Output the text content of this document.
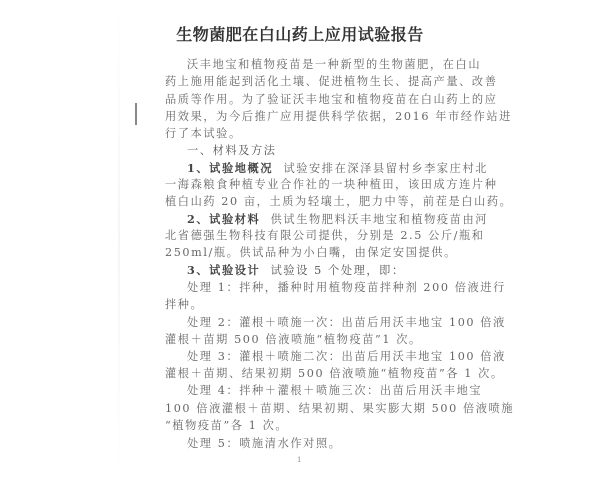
生物菌肥在白山药上应用试验报告
沃丰地宝和植物疫苗是一种新型的生物菌肥，在白山
药上施用能起到活化土壤、促进植物生长、提高产量、改善
品质等作用。为了验证沃丰地宝和植物疫苗在白山药上的应
用效果，为今后推广应用提供科学依据，2016 年市经作站进
行了本试验。
一、材料及方法
1、试验地概况 试验安排在深泽县留村乡李家庄村北
一海森粮食种植专业合作社的一块种植田，该田成方连片种
植白山药 20 亩，土质为轻壤土，肥力中等，前茬是白山药。
2、试验材料 供试生物肥料沃丰地宝和植物疫苗由河
北省德强生物科技有限公司提供，分别是 2.5 公斤/瓶和
250ml/瓶。供试品种为小白嘴，由保定安国提供。
3、试验设计 试验设 5 个处理，即：
处理 1：拌种，播种时用植物疫苗拌种剂 200 倍液进行
拌种。
处理 2：灌根＋喷施一次：出苗后用沃丰地宝 100 倍液
灌根＋苗期 500 倍液喷施“植物疫苗”1 次。
处理 3：灌根＋喷施二次：出苗后用沃丰地宝 100 倍液
灌根＋苗期、结果初期 500 倍液喷施“植物疫苗”各 1 次。
处理 4：拌种＋灌根＋喷施三次：出苗后用沃丰地宝
100 倍液灌根＋苗期、结果初期、果实膨大期 500 倍液喷施
“植物疫苗”各 1 次。
处理 5：喷施清水作对照。
1
